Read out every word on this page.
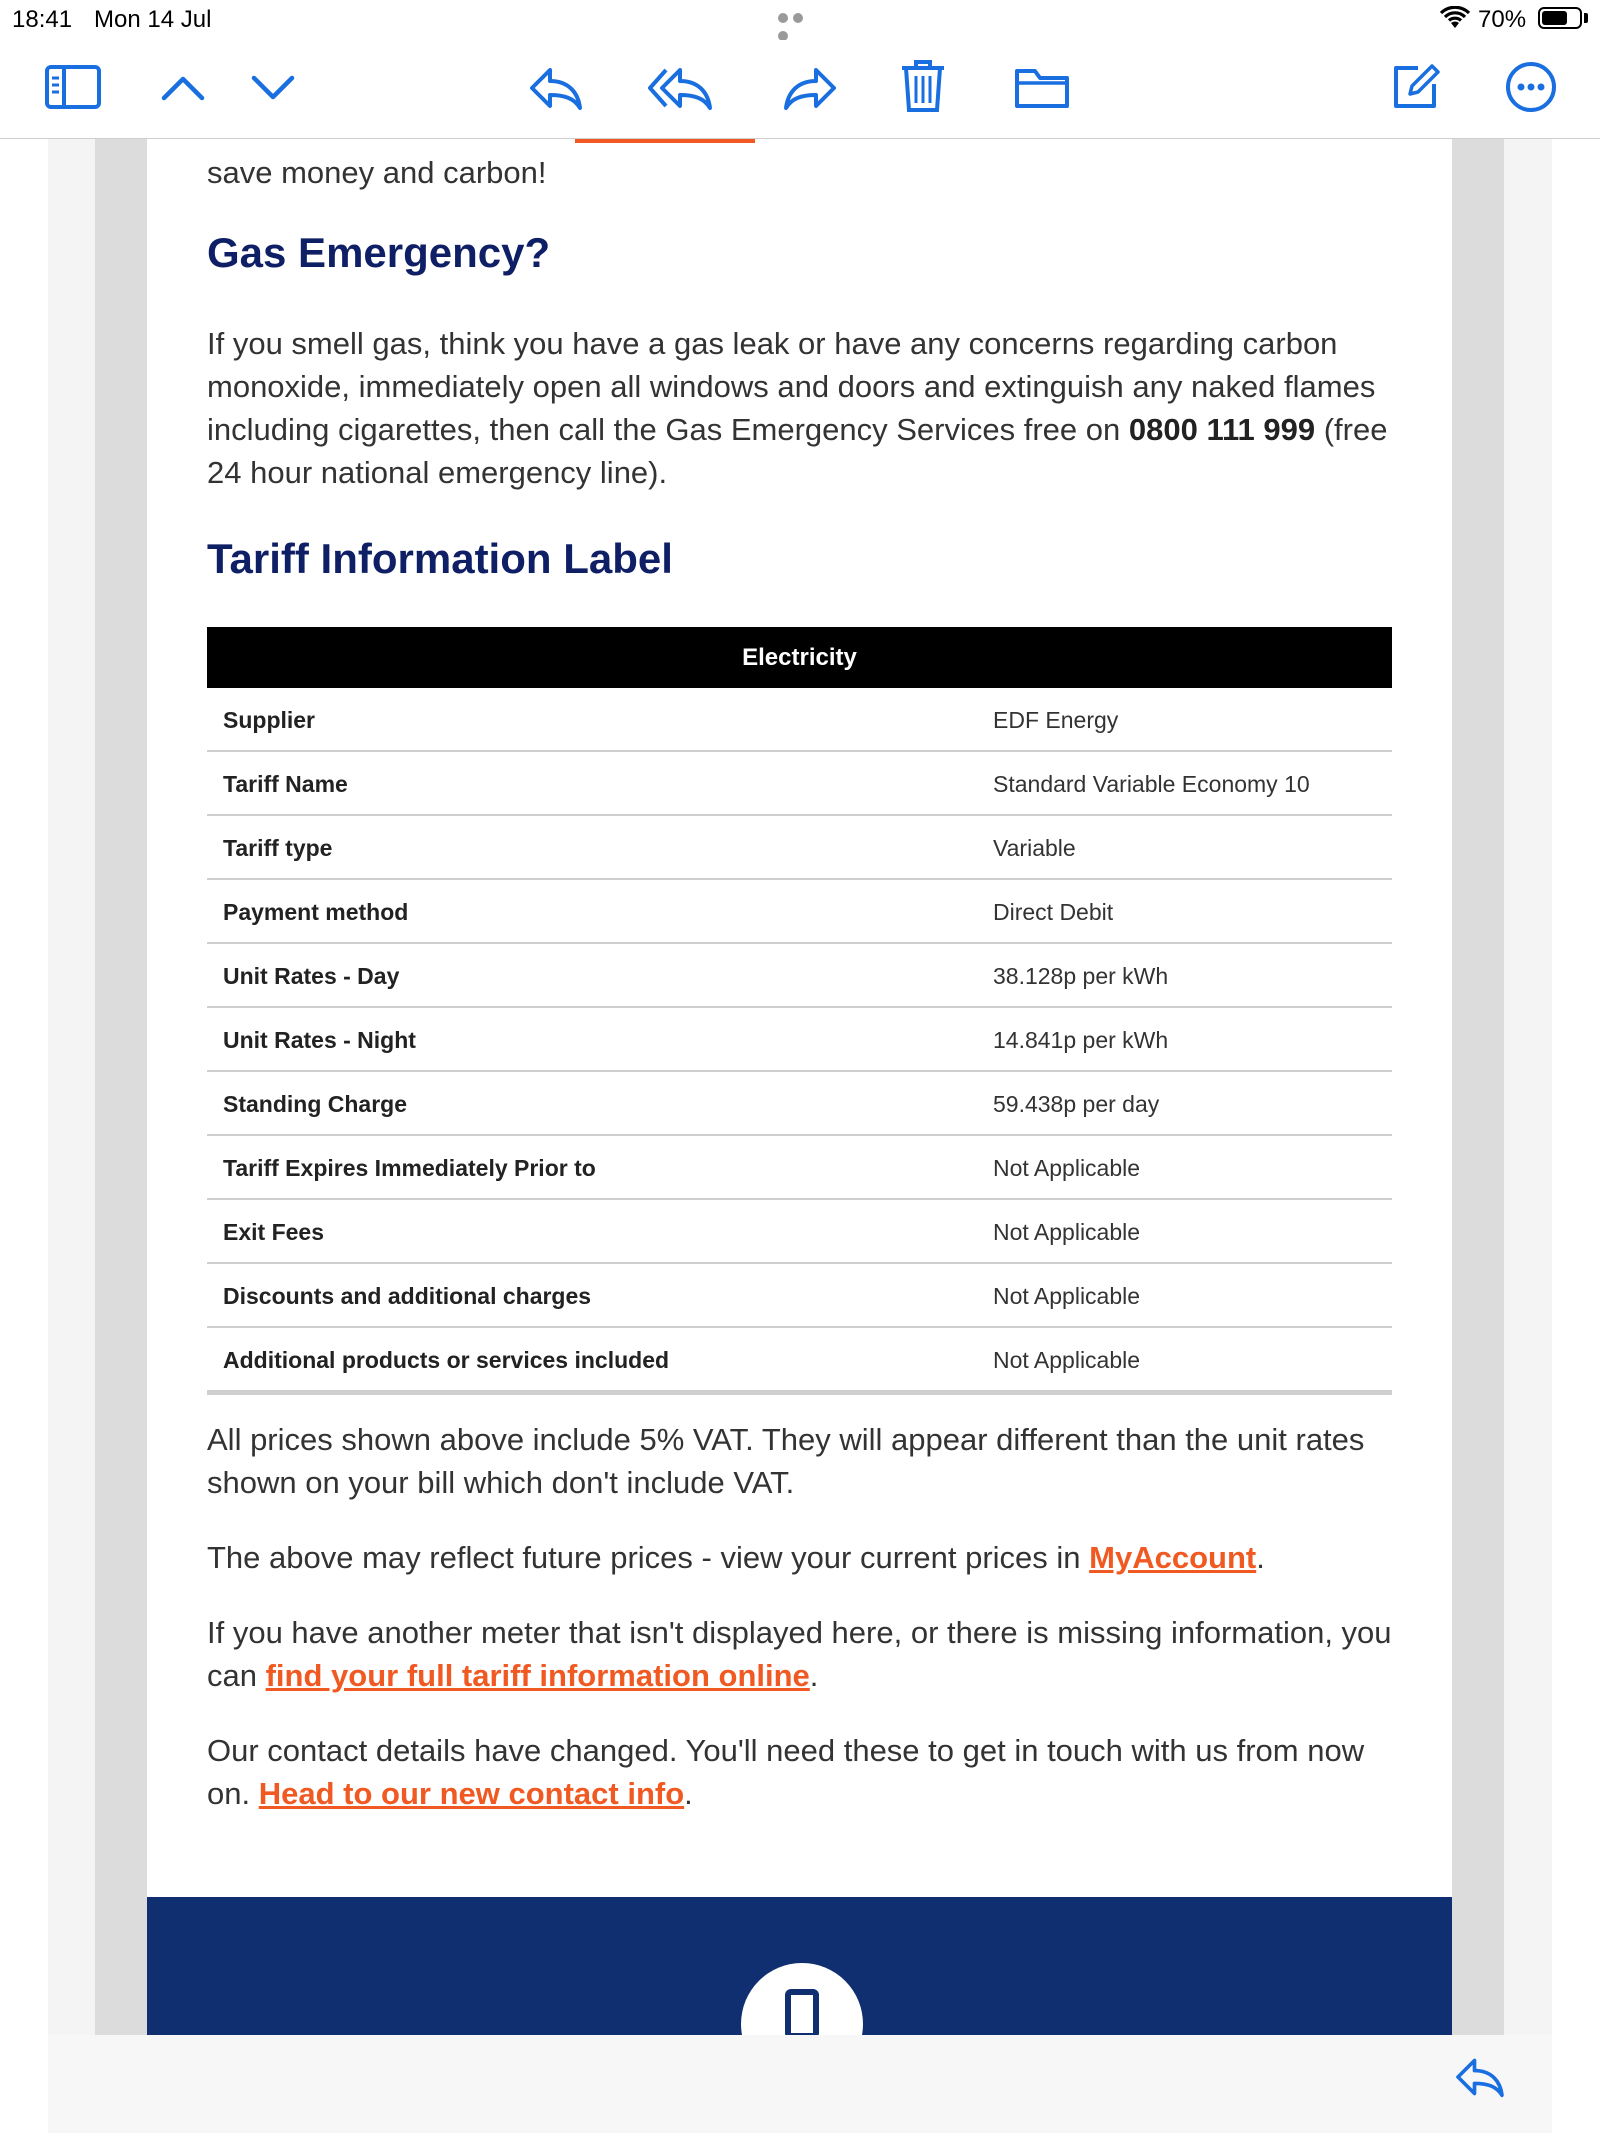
18:41 Mon 14 Jul	70%

save money and carbon!

Gas Emergency?

If you smell gas, think you have a gas leak or have any concerns regarding carbon monoxide, immediately open all windows and doors and extinguish any naked flames including cigarettes, then call the Gas Emergency Services free on 0800 111 999 (free 24 hour national emergency line).

Tariff Information Label
Electricity
Supplier	EDF Energy
Tariff Name	Standard Variable Economy 10
Tariff type	Variable
Payment method	Direct Debit
Unit Rates - Day	38.128p per kWh
Unit Rates - Night	14.841p per kWh
Standing Charge	59.438p per day
Tariff Expires Immediately Prior to	Not Applicable
Exit Fees	Not Applicable
Discounts and additional charges	Not Applicable
Additional products or services included	Not Applicable

All prices shown above include 5% VAT. They will appear different than the unit rates shown on your bill which don't include VAT.

The above may reflect future prices - view your current prices in MyAccount.

If you have another meter that isn't displayed here, or there is missing information, you can find your full tariff information online.

Our contact details have changed. You'll need these to get in touch with us from now on. Head to our new contact info.
